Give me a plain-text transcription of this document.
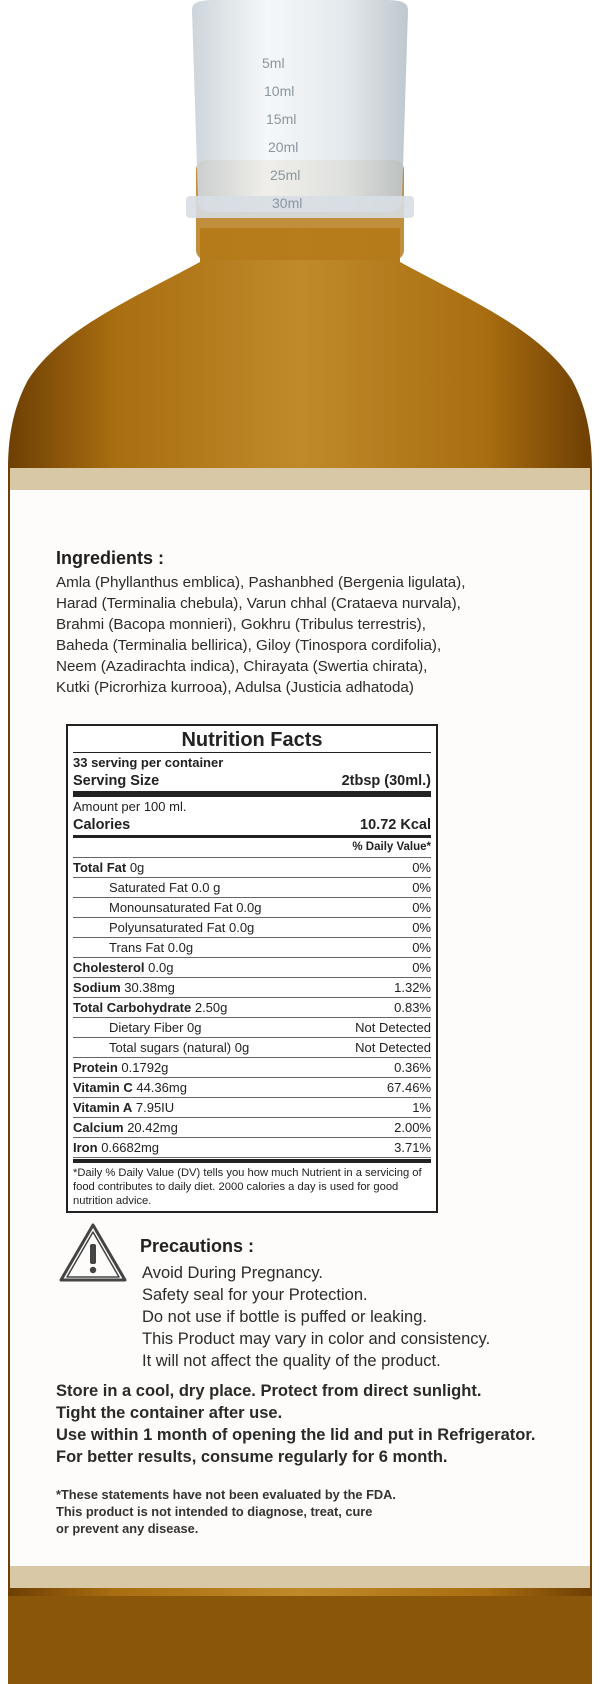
5ml
10ml
15ml
20ml
25ml
30ml
Ingredients :
Amla (Phyllanthus emblica), Pashanbhed (Bergenia ligulata),
Harad (Terminalia chebula), Varun chhal (Crataeva nurvala),
Brahmi (Bacopa monnieri), Gokhru (Tribulus terrestris),
Baheda (Terminalia bellirica), Giloy (Tinospora cordifolia),
Neem (Azadirachta indica), Chirayata (Swertia chirata),
Kutki (Picrorhiza kurrooa), Adulsa (Justicia adhatoda)
Nutrition Facts
33 serving per container
Serving Size	2tbsp (30ml.)
Amount per 100 ml.
Calories	10.72 Kcal
% Daily Value*
Total Fat 0g	0%
Saturated Fat 0.0 g	0%
Monounsaturated Fat 0.0g	0%
Polyunsaturated Fat 0.0g	0%
Trans Fat 0.0g	0%
Cholesterol 0.0g	0%
Sodium 30.38mg	1.32%
Total Carbohydrate 2.50g	0.83%
Dietary Fiber 0g	Not Detected
Total sugars (natural) 0g	Not Detected
Protein 0.1792g	0.36%
Vitamin C 44.36mg	67.46%
Vitamin A 7.95IU	1%
Calcium 20.42mg	2.00%
Iron 0.6682mg	3.71%
*Daily % Daily Value (DV) tells you how much Nutrient in a servicing of food contributes to daily diet. 2000 calories a day is used for good nutrition advice.
Precautions :
Avoid During Pregnancy.
Safety seal for your Protection.
Do not use if bottle is puffed or leaking.
This Product may vary in color and consistency.
It will not affect the quality of the product.
Store in a cool, dry place. Protect from direct sunlight.
Tight the container after use.
Use within 1 month of opening the lid and put in Refrigerator.
For better results, consume regularly for 6 month.
*These statements have not been evaluated by the FDA.
This product is not intended to diagnose, treat, cure
or prevent any disease.
